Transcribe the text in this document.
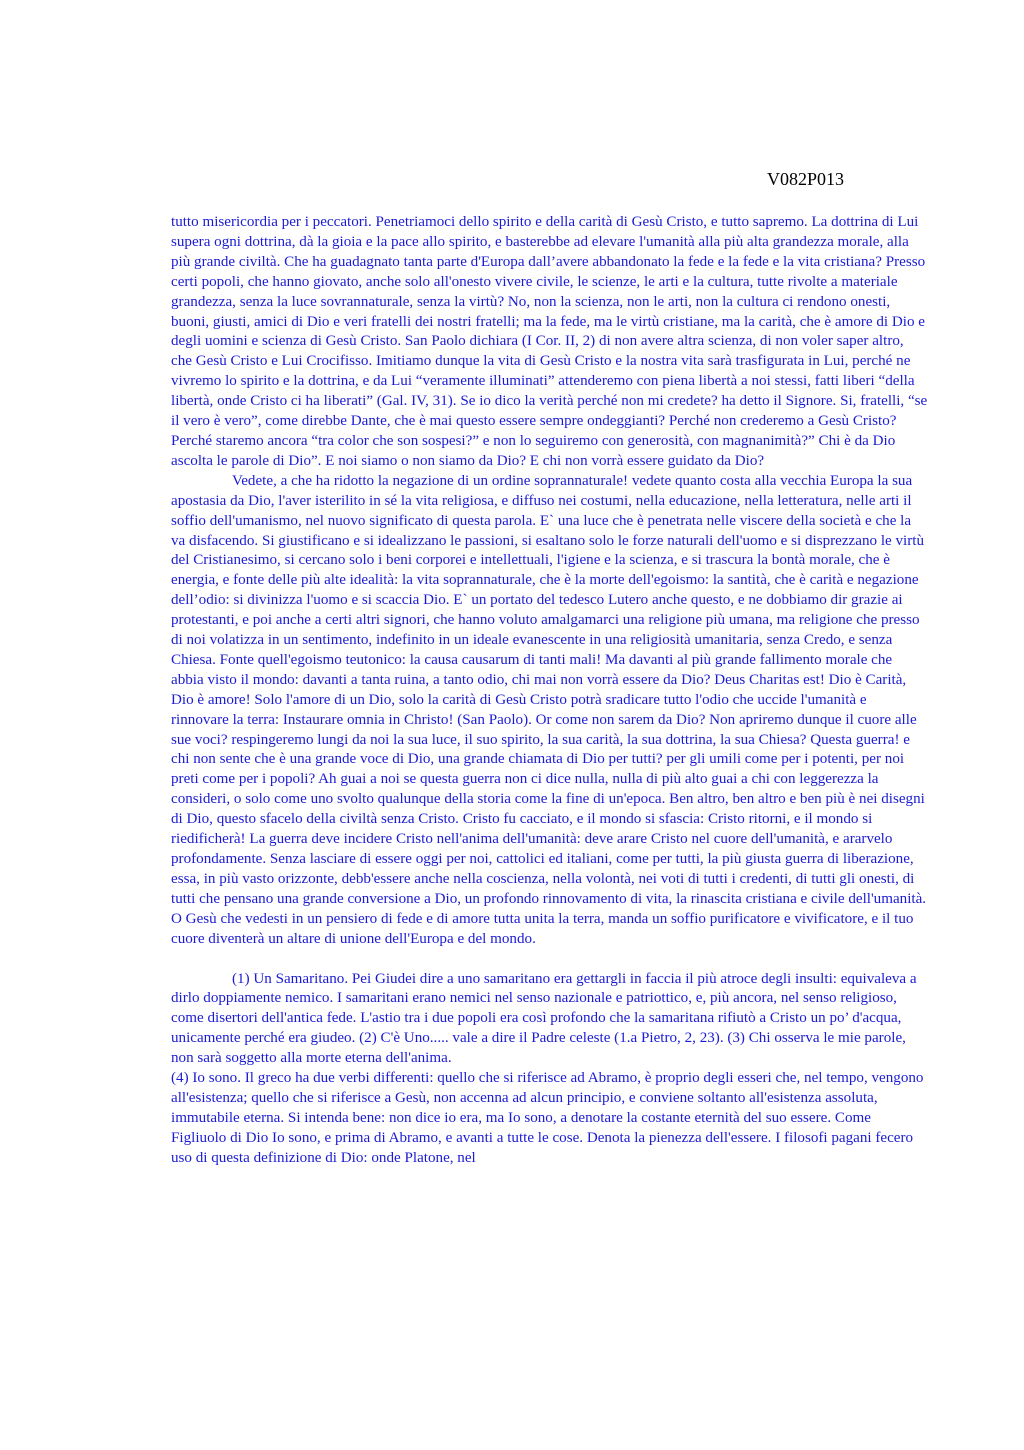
V082P013

tutto misericordia per i peccatori. Penetriamoci dello spirito e della carità di Gesù Cristo, e tutto sapremo. La dottrina di Lui supera ogni dottrina, dà la gioia e la pace allo spirito, e basterebbe ad elevare l'umanità alla più alta grandezza morale, alla più grande civiltà. Che ha guadagnato tanta parte d'Europa dall’avere abbandonato la fede e la fede e la vita cristiana? Presso certi popoli, che hanno giovato, anche solo all'onesto vivere civile, le scienze, le arti e la cultura, tutte rivolte a materiale grandezza, senza la luce sovrannaturale, senza la virtù? No, non la scienza, non le arti, non la cultura ci rendono onesti, buoni, giusti, amici di Dio e veri fratelli dei nostri fratelli; ma la fede, ma le virtù cristiane, ma la carità, che è amore di Dio e degli uomini e scienza di Gesù Cristo. San Paolo dichiara (I Cor. II, 2) di non avere altra scienza, di non voler saper altro, che Gesù Cristo e Lui Crocifisso. Imitiamo dunque la vita di Gesù Cristo e la nostra vita sarà trasfigurata in Lui, perché ne vivremo lo spirito e la dottrina, e da Lui “veramente illuminati” attenderemo con piena libertà a noi stessi, fatti liberi “della libertà, onde Cristo ci ha liberati” (Gal. IV, 31). Se io dico la verità perché non mi credete? ha detto il Signore. Si, fratelli, “se il vero è vero”, come direbbe Dante, che è mai questo essere sempre ondeggianti? Perché non crederemo a Gesù Cristo? Perché staremo ancora “tra color che son sospesi?” e non lo seguiremo con generosità, con magnanimità?” Chi è da Dio ascolta le parole di Dio”. E noi siamo o non siamo da Dio? E chi non vorrà essere guidato da Dio?

Vedete, a che ha ridotto la negazione di un ordine soprannaturale! vedete quanto costa alla vecchia Europa la sua apostasia da Dio, l'aver isterilito in sé la vita religiosa, e diffuso nei costumi, nella educazione, nella letteratura, nelle arti il soffio dell'umanismo, nel nuovo significato di questa parola. E` una luce che è penetrata nelle viscere della società e che la va disfacendo. Si giustificano e si idealizzano le passioni, si esaltano solo le forze naturali dell'uomo e si disprezzano le virtù del Cristianesimo, si cercano solo i beni corporei e intellettuali, l'igiene e la scienza, e si trascura la bontà morale, che è energia, e fonte delle più alte idealità: la vita soprannaturale, che è la morte dell'egoismo: la santità, che è carità e negazione dell’odio: si divinizza l'uomo e si scaccia Dio. E` un portato del tedesco Lutero anche questo, e ne dobbiamo dir grazie ai protestanti, e poi anche a certi altri signori, che hanno voluto amalgamarci una religione più umana, ma religione che presso di noi volatizza in un sentimento, indefinito in un ideale evanescente in una religiosità umanitaria, senza Credo, e senza Chiesa. Fonte quell'egoismo teutonico: la causa causarum di tanti mali! Ma davanti al più grande fallimento morale che abbia visto il mondo: davanti a tanta ruina, a tanto odio, chi mai non vorrà essere da Dio? Deus Charitas est! Dio è Carità, Dio è amore! Solo l'amore di un Dio, solo la carità di Gesù Cristo potrà sradicare tutto l'odio che uccide l'umanità e rinnovare la terra: Instaurare omnia in Christo! (San Paolo). Or come non sarem da Dio? Non apriremo dunque il cuore alle sue voci? respingeremo lungi da noi la sua luce, il suo spirito, la sua carità, la sua dottrina, la sua Chiesa? Questa guerra! e chi non sente che è una grande voce di Dio, una grande chiamata di Dio per tutti? per gli umili come per i potenti, per noi preti come per i popoli? Ah guai a noi se questa guerra non ci dice nulla, nulla di più alto guai a chi con leggerezza la consideri, o solo come uno svolto qualunque della storia come la fine di un'epoca. Ben altro, ben altro e ben più è nei disegni di Dio, questo sfacelo della civiltà senza Cristo. Cristo fu cacciato, e il mondo si sfascia: Cristo ritorni, e il mondo si riedificherà! La guerra deve incidere Cristo nell'anima dell'umanità: deve arare Cristo nel cuore dell'umanità, e ararvelo profondamente. Senza lasciare di essere oggi per noi, cattolici ed italiani, come per tutti, la più giusta guerra di liberazione, essa, in più vasto orizzonte, debb'essere anche nella coscienza, nella volontà, nei voti di tutti i credenti, di tutti gli onesti, di tutti che pensano una grande conversione a Dio, un profondo rinnovamento di vita, la rinascita cristiana e civile dell'umanità. O Gesù che vedesti in un pensiero di fede e di amore tutta unita la terra, manda un soffio purificatore e vivificatore, e il tuo cuore diventerà un altare di unione dell'Europa e del mondo.

(1) Un Samaritano. Pei Giudei dire a uno samaritano era gettargli in faccia il più atroce degli insulti: equivaleva a dirlo doppiamente nemico. I samaritani erano nemici nel senso nazionale e patriottico, e, più ancora, nel senso religioso, come disertori dell'antica fede. L'astio tra i due popoli era così profondo che la samaritana rifiutò a Cristo un po’ d'acqua, unicamente perché era giudeo. (2) C'è Uno..... vale a dire il Padre celeste (1.a Pietro, 2, 23). (3) Chi osserva le mie parole, non sarà soggetto alla morte eterna dell'anima.

(4) Io sono. Il greco ha due verbi differenti: quello che si riferisce ad Abramo, è proprio degli esseri che, nel tempo, vengono all'esistenza; quello che si riferisce a Gesù, non accenna ad alcun principio, e conviene soltanto all'esistenza assoluta, immutabile eterna. Si intenda bene: non dice io era, ma Io sono, a denotare la costante eternità del suo essere. Come Figliuolo di Dio Io sono, e prima di Abramo, e avanti a tutte le cose. Denota la pienezza dell'essere. I filosofi pagani fecero uso di questa definizione di Dio: onde Platone, nel
